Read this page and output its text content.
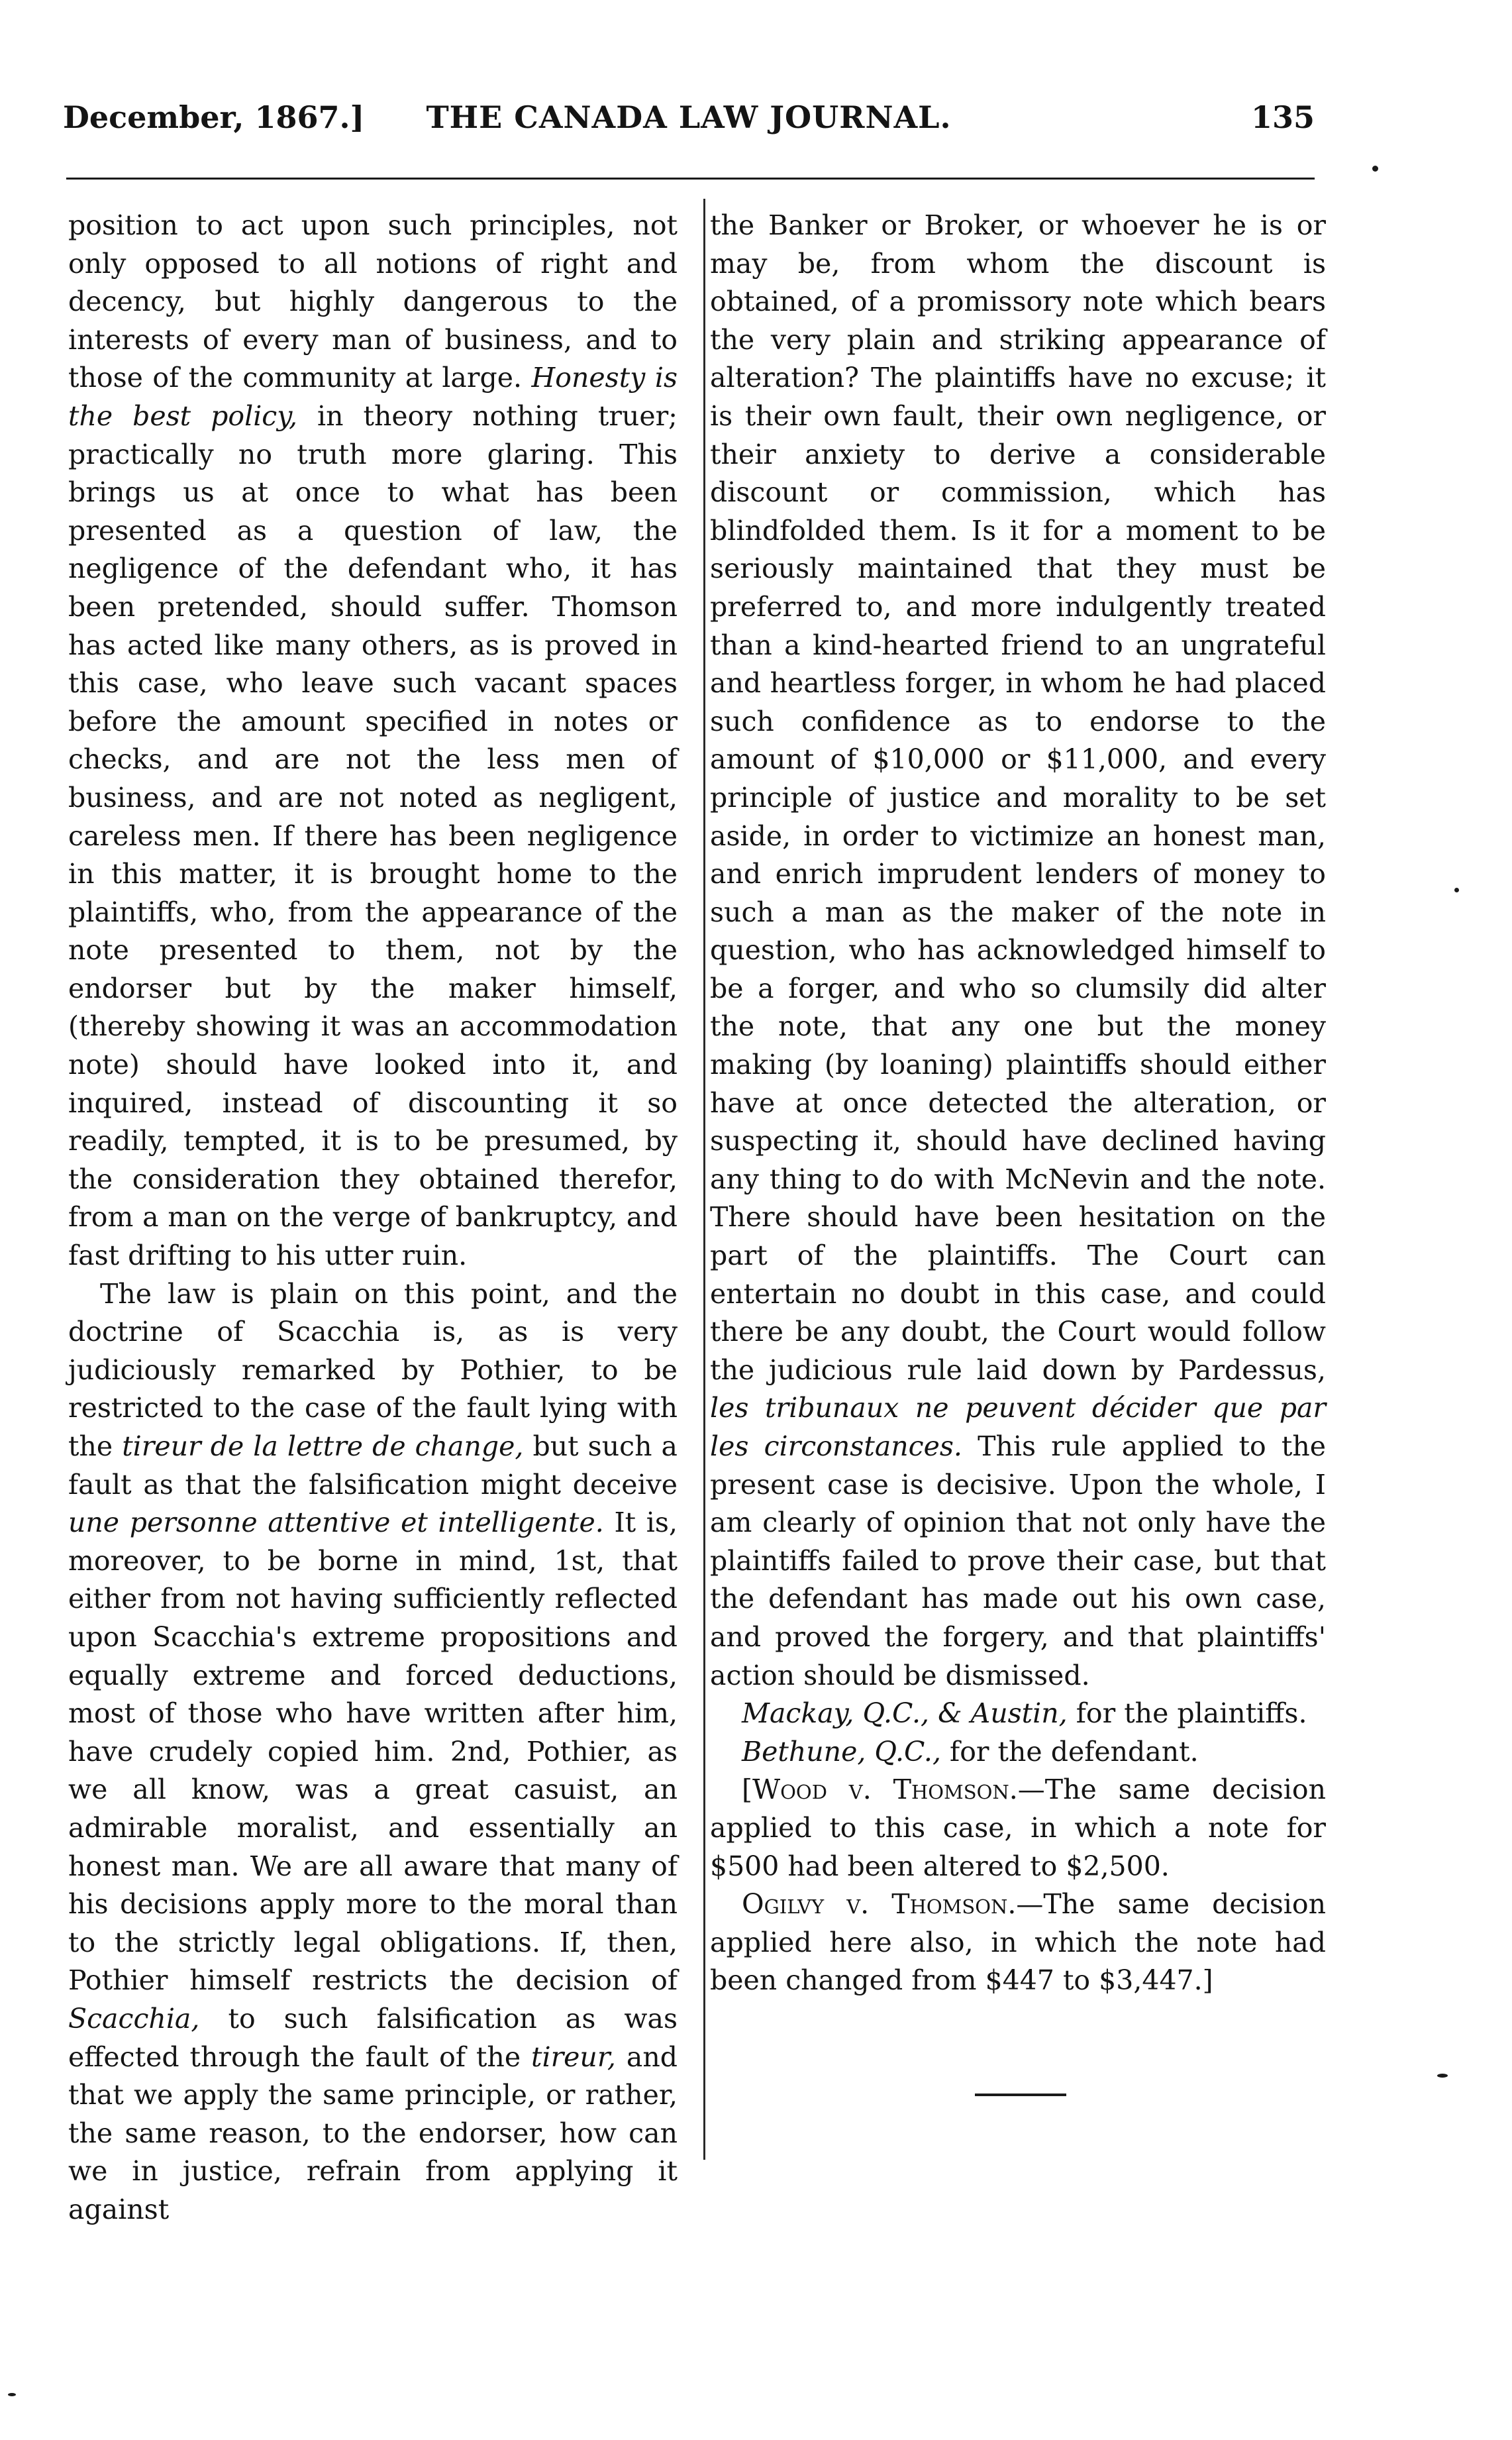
December, 1867.]	THE CANADA LAW JOURNAL.	135

position to act upon such principles, not only opposed to all notions of right and decency, but highly dangerous to the interests of every man of business, and to those of the community at large. Honesty is the best policy, in theory nothing truer; practically no truth more glaring. This brings us at once to what has been presented as a question of law, the negligence of the defendant who, it has been pretended, should suffer. Thomson has acted like many others, as is proved in this case, who leave such vacant spaces before the amount specified in notes or checks, and are not the less men of business, and are not noted as negligent, careless men. If there has been negligence in this matter, it is brought home to the plaintiffs, who, from the appearance of the note presented to them, not by the endorser but by the maker himself, (thereby showing it was an accommodation note) should have looked into it, and inquired, instead of discounting it so readily, tempted, it is to be presumed, by the consideration they obtained therefor, from a man on the verge of bankruptcy, and fast drifting to his utter ruin.

The law is plain on this point, and the doctrine of Scacchia is, as is very judiciously remarked by Pothier, to be restricted to the case of the fault lying with the tireur de la lettre de change, but such a fault as that the falsification might deceive une personne attentive et intelligente. It is, moreover, to be borne in mind, 1st, that either from not having sufficiently reflected upon Scacchia's extreme propositions and equally extreme and forced deductions, most of those who have written after him, have crudely copied him. 2nd, Pothier, as we all know, was a great casuist, an admirable moralist, and essentially an honest man. We are all aware that many of his decisions apply more to the moral than to the strictly legal obligations. If, then, Pothier himself restricts the decision of Scacchia, to such falsification as was effected through the fault of the tireur, and that we apply the same principle, or rather, the same reason, to the endorser, how can we in justice, refrain from applying it against

the Banker or Broker, or whoever he is or may be, from whom the discount is obtained, of a promissory note which bears the very plain and striking appearance of alteration? The plaintiffs have no excuse; it is their own fault, their own negligence, or their anxiety to derive a considerable discount or commission, which has blindfolded them. Is it for a moment to be seriously maintained that they must be preferred to, and more indulgently treated than a kind-hearted friend to an ungrateful and heartless forger, in whom he had placed such confidence as to endorse to the amount of $10,000 or $11,000, and every principle of justice and morality to be set aside, in order to victimize an honest man, and enrich imprudent lenders of money to such a man as the maker of the note in question, who has acknowledged himself to be a forger, and who so clumsily did alter the note, that any one but the money making (by loaning) plaintiffs should either have at once detected the alteration, or suspecting it, should have declined having any thing to do with McNevin and the note. There should have been hesitation on the part of the plaintiffs. The Court can entertain no doubt in this case, and could there be any doubt, the Court would follow the judicious rule laid down by Pardessus, les tribunaux ne peuvent décider que par les circonstances. This rule applied to the present case is decisive. Upon the whole, I am clearly of opinion that not only have the plaintiffs failed to prove their case, but that the defendant has made out his own case, and proved the forgery, and that plaintiffs' action should be dismissed.

Mackay, Q.C., & Austin, for the plaintiffs.

Bethune, Q.C., for the defendant.

[Wood v. Thomson.—The same decision applied to this case, in which a note for $500 had been altered to $2,500.

Ogilvy v. Thomson.—The same decision applied here also, in which the note had been changed from $447 to $3,447.]
